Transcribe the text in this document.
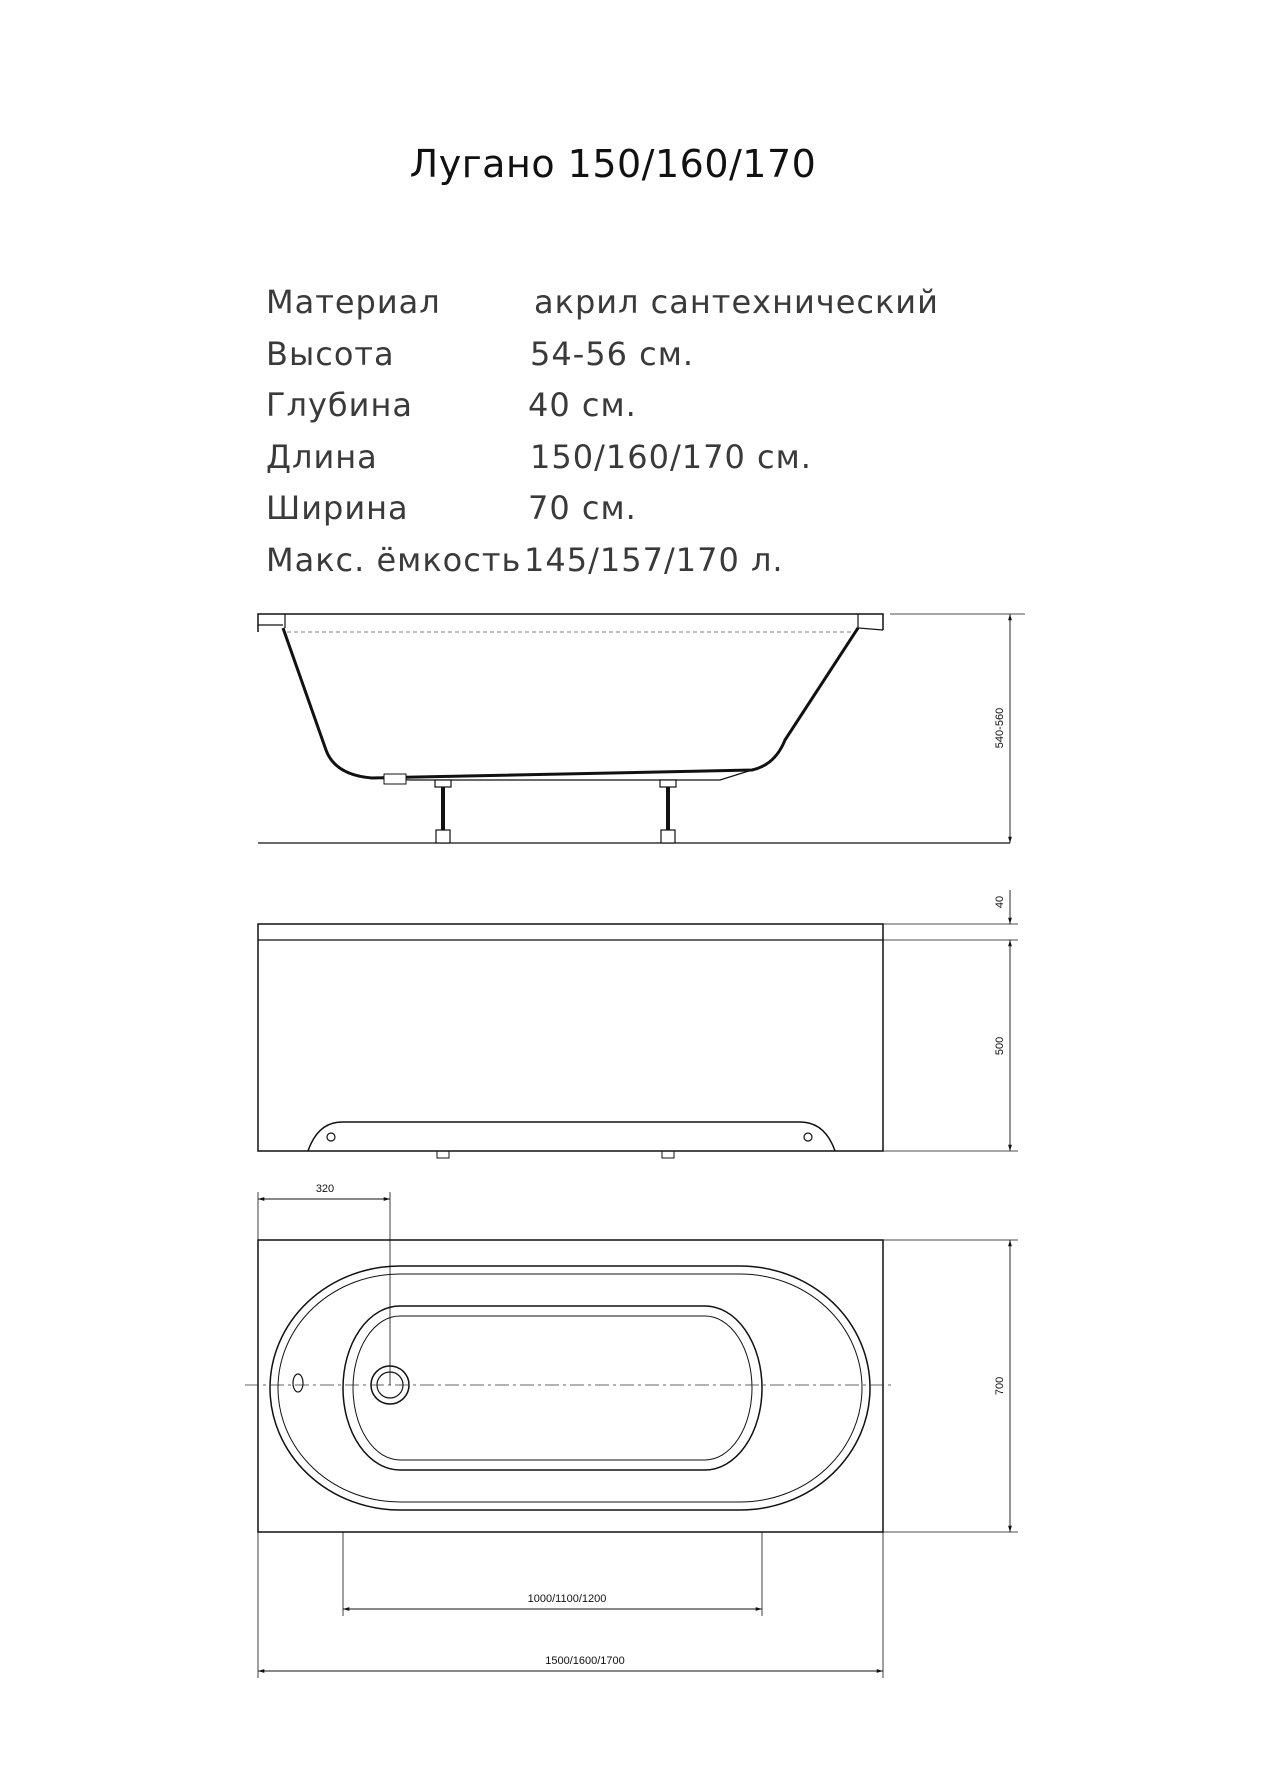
Лугано 150/160/170
Материал	акрил сантехнический
Высота	54-56 см.
Глубина	40 см.
Длина	150/160/170 см.
Ширина	70 см.
Макс. ёмкость 145/157/170 л.
540-560
40
500
320
700
1000/1100/1200
1500/1600/1700
